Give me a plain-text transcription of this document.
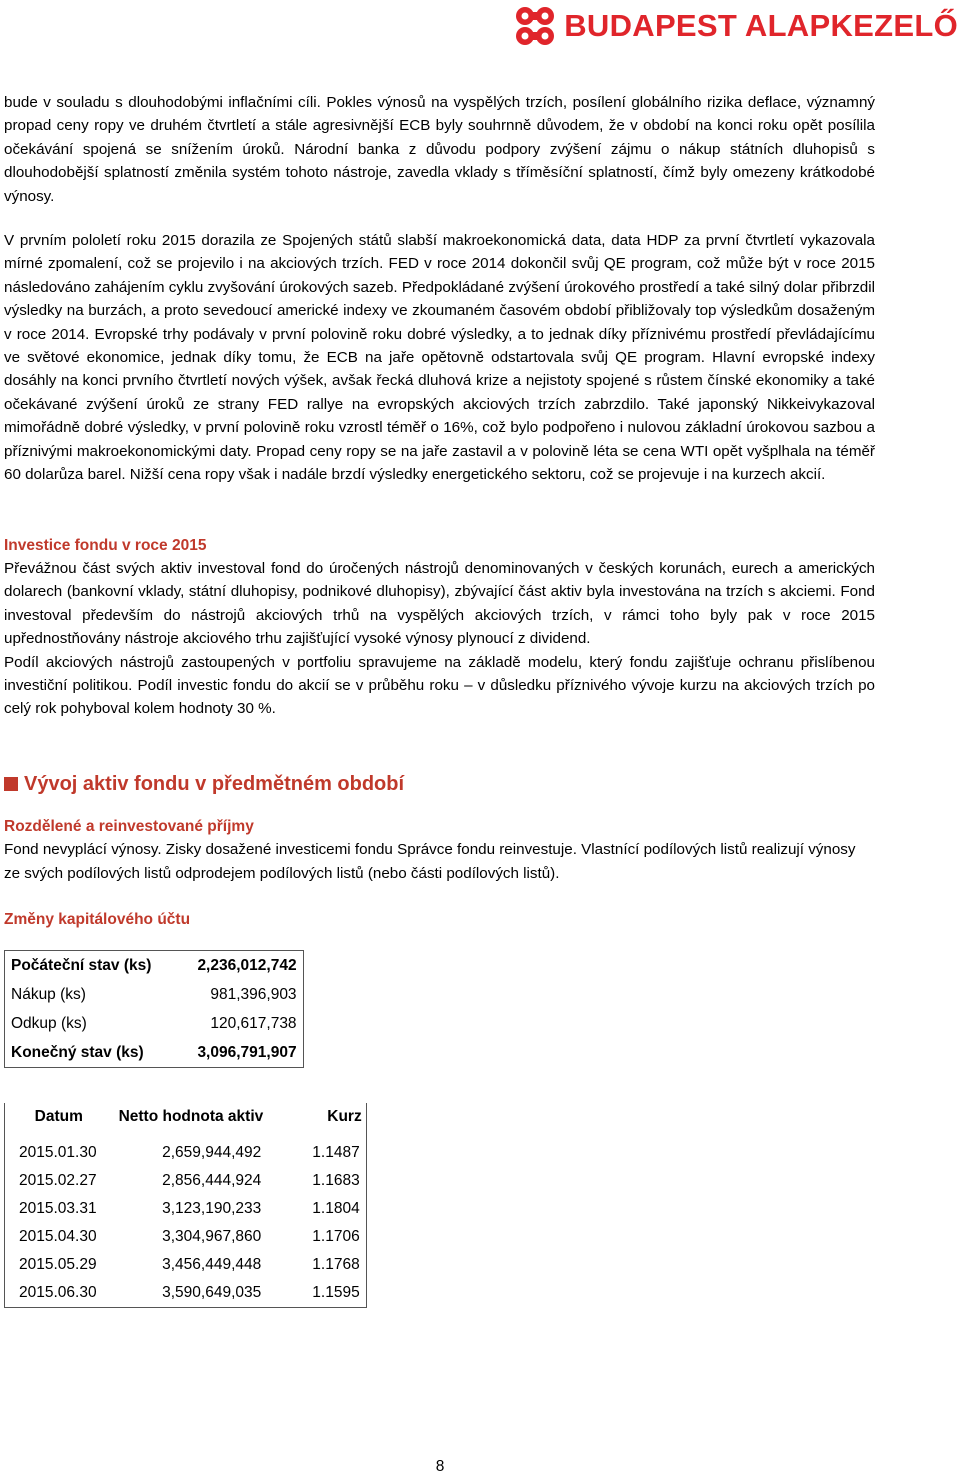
BUDAPEST ALAPKEZELŐ

bude v souladu s dlouhodobými inflačními cíli. Pokles výnosů na vyspělých trzích, posílení globálního rizika deflace, významný propad ceny ropy ve druhém čtvrtletí a stále agresivnější ECB byly souhrnně důvodem, že v období na konci roku opět posílila očekávání spojená se snížením úroků. Národní banka z důvodu podpory zvýšení zájmu o nákup státních dluhopisů s dlouhodobější splatností změnila systém tohoto nástroje, zavedla vklady s tříměsíční splatností, čímž byly omezeny krátkodobé výnosy.

V prvním pololetí roku 2015 dorazila ze Spojených států slabší makroekonomická data, data HDP za první čtvrtletí vykazovala mírné zpomalení, což se projevilo i na akciových trzích. FED v roce 2014 dokončil svůj QE program, což může být v roce 2015 následováno zahájením cyklu zvyšování úrokových sazeb. Předpokládané zvýšení úrokového prostředí a také silný dolar přibrzdil výsledky na burzách, a proto sevedoucí americké indexy ve zkoumaném časovém období přibližovaly top výsledkům dosaženým v roce 2014. Evropské trhy podávaly v první polovině roku dobré výsledky, a to jednak díky příznivému prostředí převládajícímu ve světové ekonomice, jednak díky tomu, že ECB na jaře opětovně odstartovala svůj QE program. Hlavní evropské indexy dosáhly na konci prvního čtvrtletí nových výšek, avšak řecká dluhová krize a nejistoty spojené s růstem čínské ekonomiky a také očekávané zvýšení úroků ze strany FED rallye na evropských akciových trzích zabrzdilo. Také japonský Nikkeivykazoval mimořádně dobré výsledky, v první polovině roku vzrostl téměř o 16%, což bylo podpořeno i nulovou základní úrokovou sazbou a příznivými makroekonomickými daty. Propad ceny ropy se na jaře zastavil a v polovině léta se cena WTI opět vyšplhala na téměř 60 dolarůza barel. Nižší cena ropy však i nadále brzdí výsledky energetického sektoru, což se projevuje i na kurzech akcií.

Investice fondu v roce 2015

Převážnou část svých aktiv investoval fond do úročených nástrojů denominovaných v českých korunách, eurech a amerických dolarech (bankovní vklady, státní dluhopisy, podnikové dluhopisy), zbývající část aktiv byla investována na trzích s akciemi. Fond investoval především do nástrojů akciových trhů na vyspělých akciových trzích, v rámci toho byly pak v roce 2015 upřednostňovány nástroje akciového trhu zajišťující vysoké výnosy plynoucí z dividend.

Podíl akciových nástrojů zastoupených v portfoliu spravujeme na základě modelu, který fondu zajišťuje ochranu přislíbenou investiční politikou. Podíl investic fondu do akcií se v průběhu roku – v důsledku příznivého vývoje kurzu na akciových trzích po celý rok pohyboval kolem hodnoty 30 %.

Vývoj aktiv fondu v předmětném období
Rozdělené a reinvestované příjmy

Fond nevyplácí výnosy. Zisky dosažené investicemi fondu Správce fondu reinvestuje. Vlastnící podílových listů realizují výnosy ze svých podílových listů odprodejem podílových listů (nebo části podílových listů).

Změny kapitálového účtu
Počáteční stav (ks)	2,236,012,742
Nákup (ks)	981,396,903
Odkup (ks)	120,617,738
Konečný stav (ks)	3,096,791,907
Datum	Netto hodnota aktiv	Kurz
2015.01.30	2,659,944,492	1.1487
2015.02.27	2,856,444,924	1.1683
2015.03.31	3,123,190,233	1.1804
2015.04.30	3,304,967,860	1.1706
2015.05.29	3,456,449,448	1.1768
2015.06.30	3,590,649,035	1.1595
8
